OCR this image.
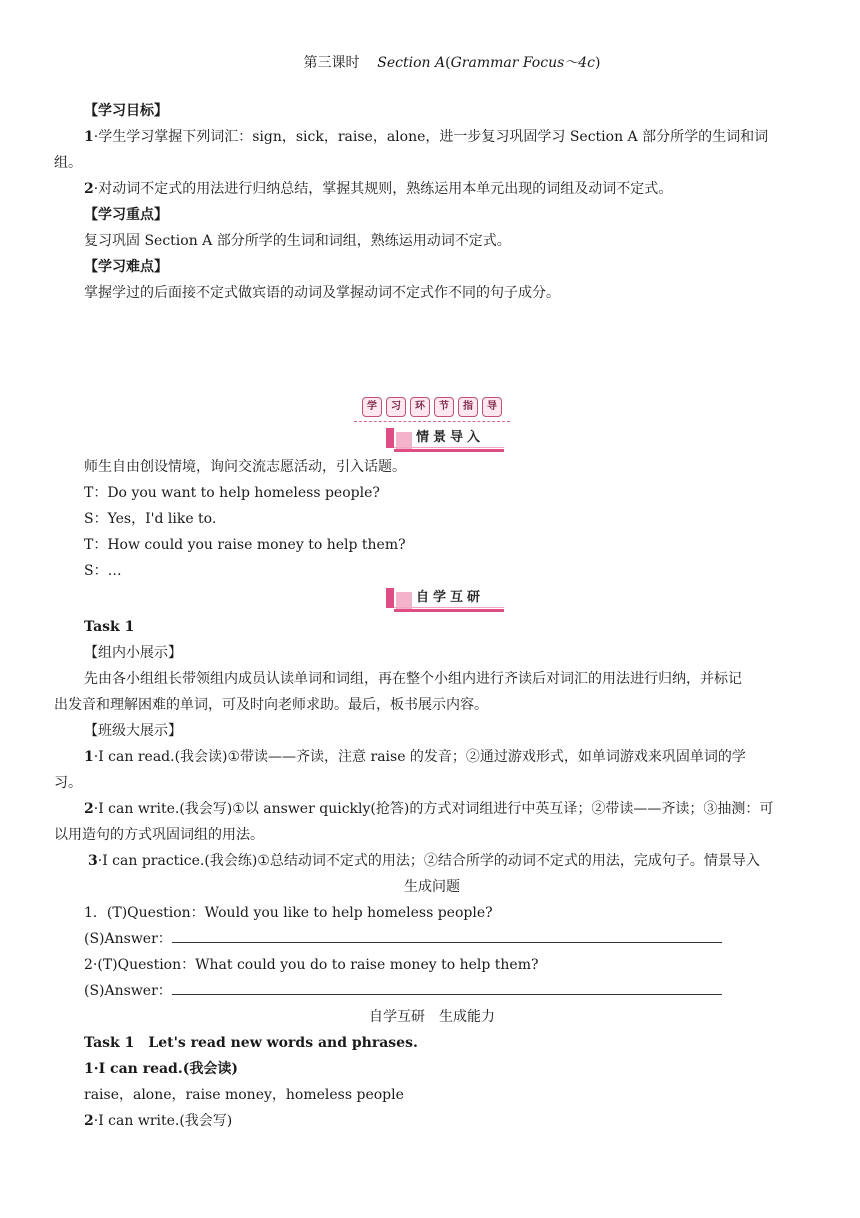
第三课时 Section A(Grammar Focus～4c)
【学习目标】
1·学生学习掌握下列词汇：sign，sick，raise，alone，进一步复习巩固学习 Section A 部分所学的生词和词
组。
2·对动词不定式的用法进行归纳总结，掌握其规则，熟练运用本单元出现的词组及动词不定式。
【学习重点】
复习巩固 Section A 部分所学的生词和词组，熟练运用动词不定式。
【学习难点】
掌握学过的后面接不定式做宾语的动词及掌握动词不定式作不同的句子成分。
学	习	环	节	指	导
情景导入
师生自由创设情境，询问交流志愿活动，引入话题。
T：Do you want to help homeless people?
S：Yes，I'd like to.
T：How could you raise money to help them?
S：…
自学互研
Task 1
【组内小展示】
先由各小组组长带领组内成员认读单词和词组，再在整个小组内进行齐读后对词汇的用法进行归纳，并标记
出发音和理解困难的单词，可及时向老师求助。最后，板书展示内容。
【班级大展示】
1·I can read.(我会读)①带读——齐读，注意 raise 的发音；②通过游戏形式，如单词游戏来巩固单词的学
习。
2·I can write.(我会写)①以 answer quickly(抢答)的方式对词组进行中英互译；②带读——齐读；③抽测：可
以用造句的方式巩固词组的用法。
3·I can practice.(我会练)①总结动词不定式的用法；②结合所学的动词不定式的用法，完成句子。情景导入
生成问题
1．(T)Question：Would you like to help homeless people?
(S)Answer：
2·(T)Question：What could you do to raise money to help them?
(S)Answer：
自学互研　生成能力
Task 1　Let's read new words and phrases.
1·I can read.(我会读)
raise，alone，raise money，homeless people
2·I can write.(我会写)
